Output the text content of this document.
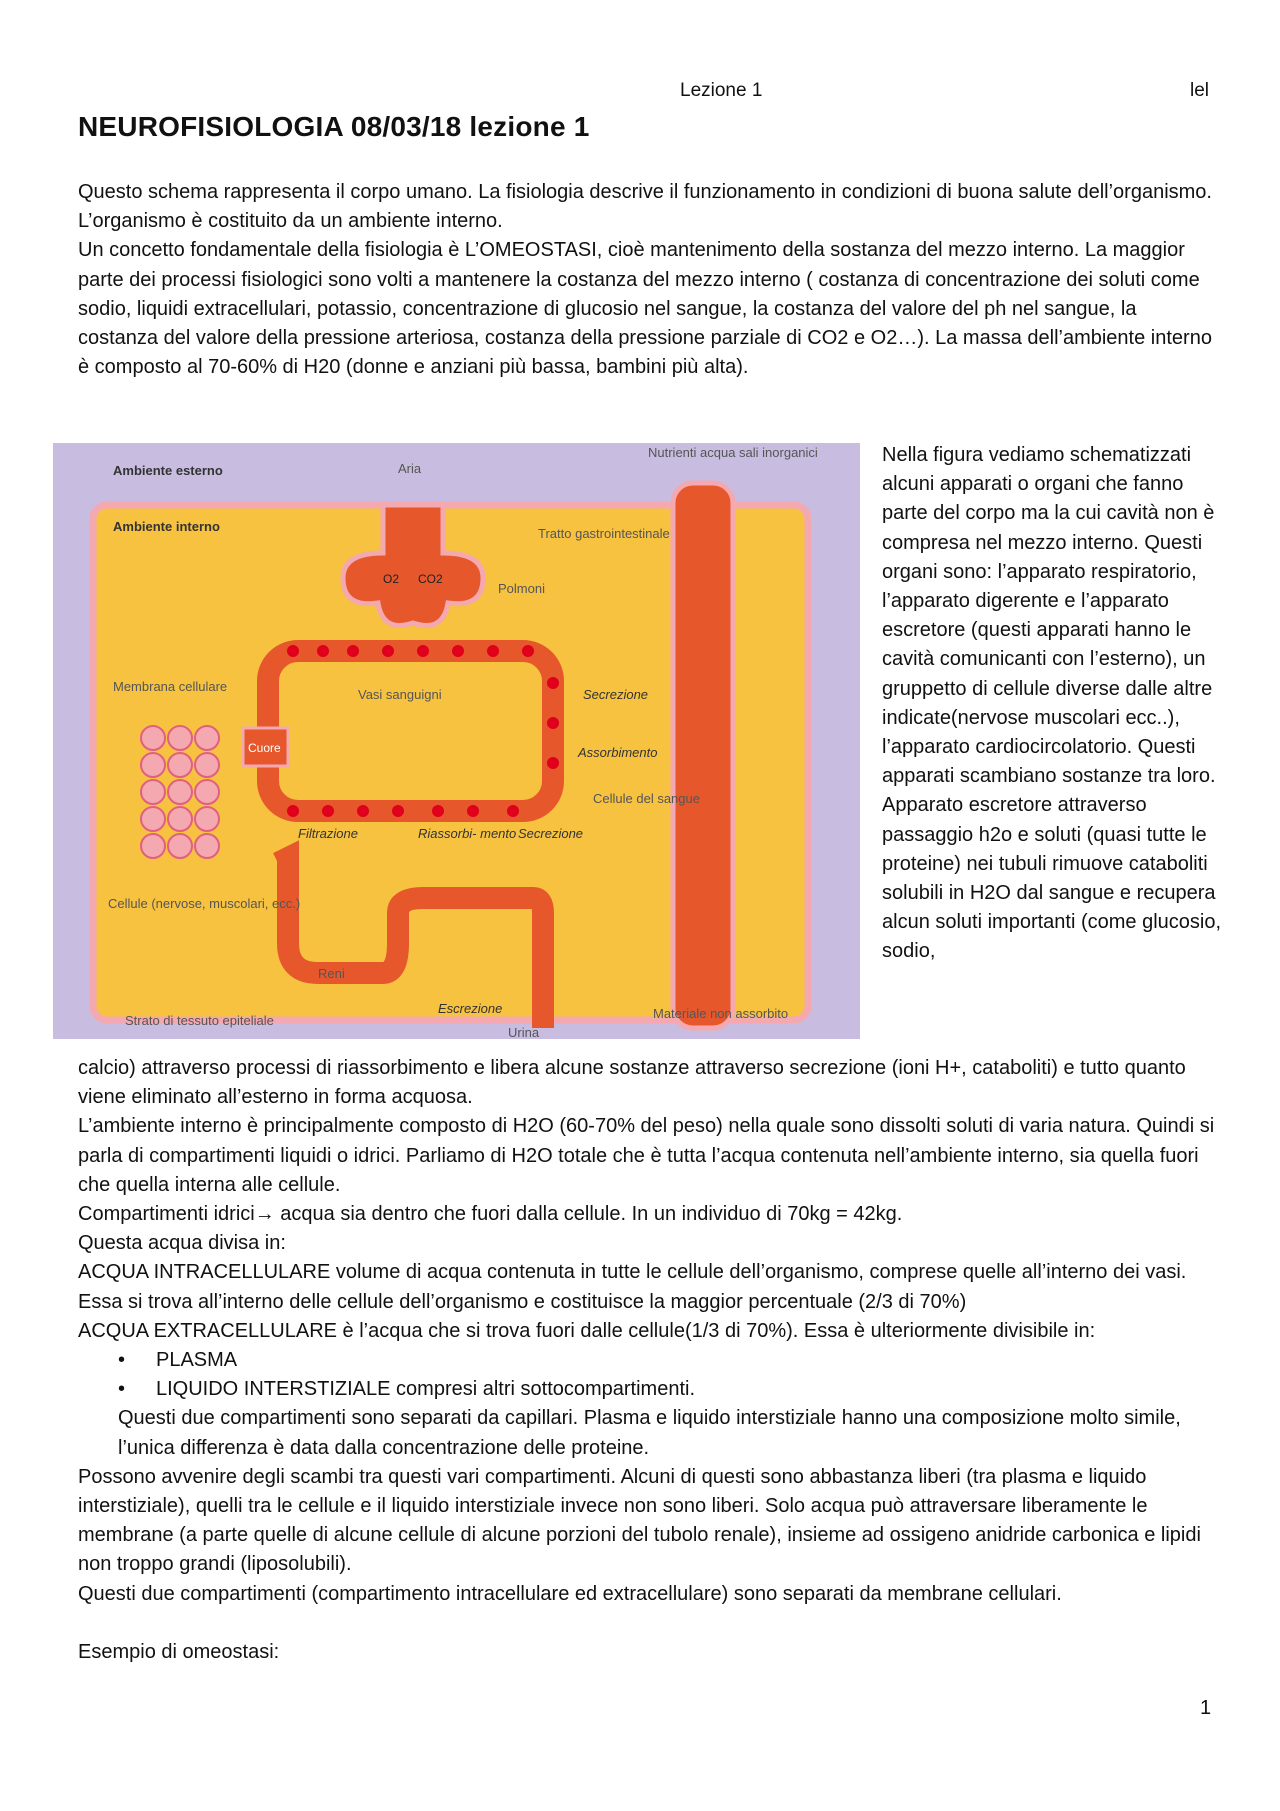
Lezione 1	lel
NEUROFISIOLOGIA 08/03/18 lezione 1

Questo schema rappresenta il corpo umano. La fisiologia descrive il funzionamento in condizioni di buona salute dell’organismo. L’organismo è costituito da un ambiente interno.

Un concetto fondamentale della fisiologia è L’OMEOSTASI, cioè mantenimento della sostanza del mezzo interno. La maggior parte dei processi fisiologici sono volti a mantenere la costanza del mezzo interno ( costanza di concentrazione dei soluti come sodio, liquidi extracellulari, potassio, concentrazione di glucosio nel sangue, la costanza del valore del ph nel sangue, la costanza del valore della pressione arteriosa, costanza della pressione parziale di CO2 e O2…). La massa dell’ambiente interno è composto al 70-60% di H20 (donne e anziani più bassa, bambini più alta).

Ambiente esterno
Ambiente interno
Aria
O2 CO2
Polmoni
Nutrienti acqua sali inorganici
Tratto gastrointestinale
Membrana cellulare
Vasi sanguigni
Cuore
Secrezione
Assorbimento
Cellule del sangue
Filtrazione	Riassorbi- mento Secrezione
Cellule (nervose, muscolari, ecc.)
Reni
Escrezione
Strato di tessuto epiteliale
Urina
Materiale non assorbito

Nella figura vediamo schematizzati alcuni apparati o organi che fanno parte del corpo ma la cui cavità non è compresa nel mezzo interno. Questi organi sono: l’apparato respiratorio, l’apparato digerente e l’apparato escretore (questi apparati hanno le cavità comunicanti con l’esterno), un gruppetto di cellule diverse dalle altre indicate(nervose muscolari ecc..), l’apparato cardiocircolatorio. Questi apparati scambiano sostanze tra loro. Apparato escretore attraverso passaggio h2o e soluti (quasi tutte le proteine) nei tubuli rimuove cataboliti solubili in H2O dal sangue e recupera alcun soluti importanti (come glucosio, sodio,

calcio) attraverso processi di riassorbimento e libera alcune sostanze attraverso secrezione (ioni H+, cataboliti) e tutto quanto viene eliminato all’esterno in forma acquosa.

L’ambiente interno è principalmente composto di H2O (60-70% del peso) nella quale sono dissolti soluti di varia natura. Quindi si parla di compartimenti liquidi o idrici. Parliamo di H2O totale che è tutta l’acqua contenuta nell’ambiente interno, sia quella fuori che quella interna alle cellule.

Compartimenti idrici→ acqua sia dentro che fuori dalla cellule. In un individuo di 70kg = 42kg.

Questa acqua divisa in:

ACQUA INTRACELLULARE volume di acqua contenuta in tutte le cellule dell’organismo, comprese quelle all’interno dei vasi. Essa si trova all’interno delle cellule dell’organismo e costituisce la maggior percentuale (2/3 di 70%)

ACQUA EXTRACELLULARE è l’acqua che si trova fuori dalle cellule(1/3 di 70%). Essa è ulteriormente divisibile in:

• PLASMA
• LIQUIDO INTERSTIZIALE compresi altri sottocompartimenti.

Questi due compartimenti sono separati da capillari. Plasma e liquido interstiziale hanno una composizione molto simile, l’unica differenza è data dalla concentrazione delle proteine.

Possono avvenire degli scambi tra questi vari compartimenti. Alcuni di questi sono abbastanza liberi (tra plasma e liquido interstiziale), quelli tra le cellule e il liquido interstiziale invece non sono liberi. Solo acqua può attraversare liberamente le membrane (a parte quelle di alcune cellule di alcune porzioni del tubolo renale), insieme ad ossigeno anidride carbonica e lipidi non troppo grandi (liposolubili).

Questi due compartimenti (compartimento intracellulare ed extracellulare) sono separati da membrane cellulari.

Esempio di omeostasi:

1
